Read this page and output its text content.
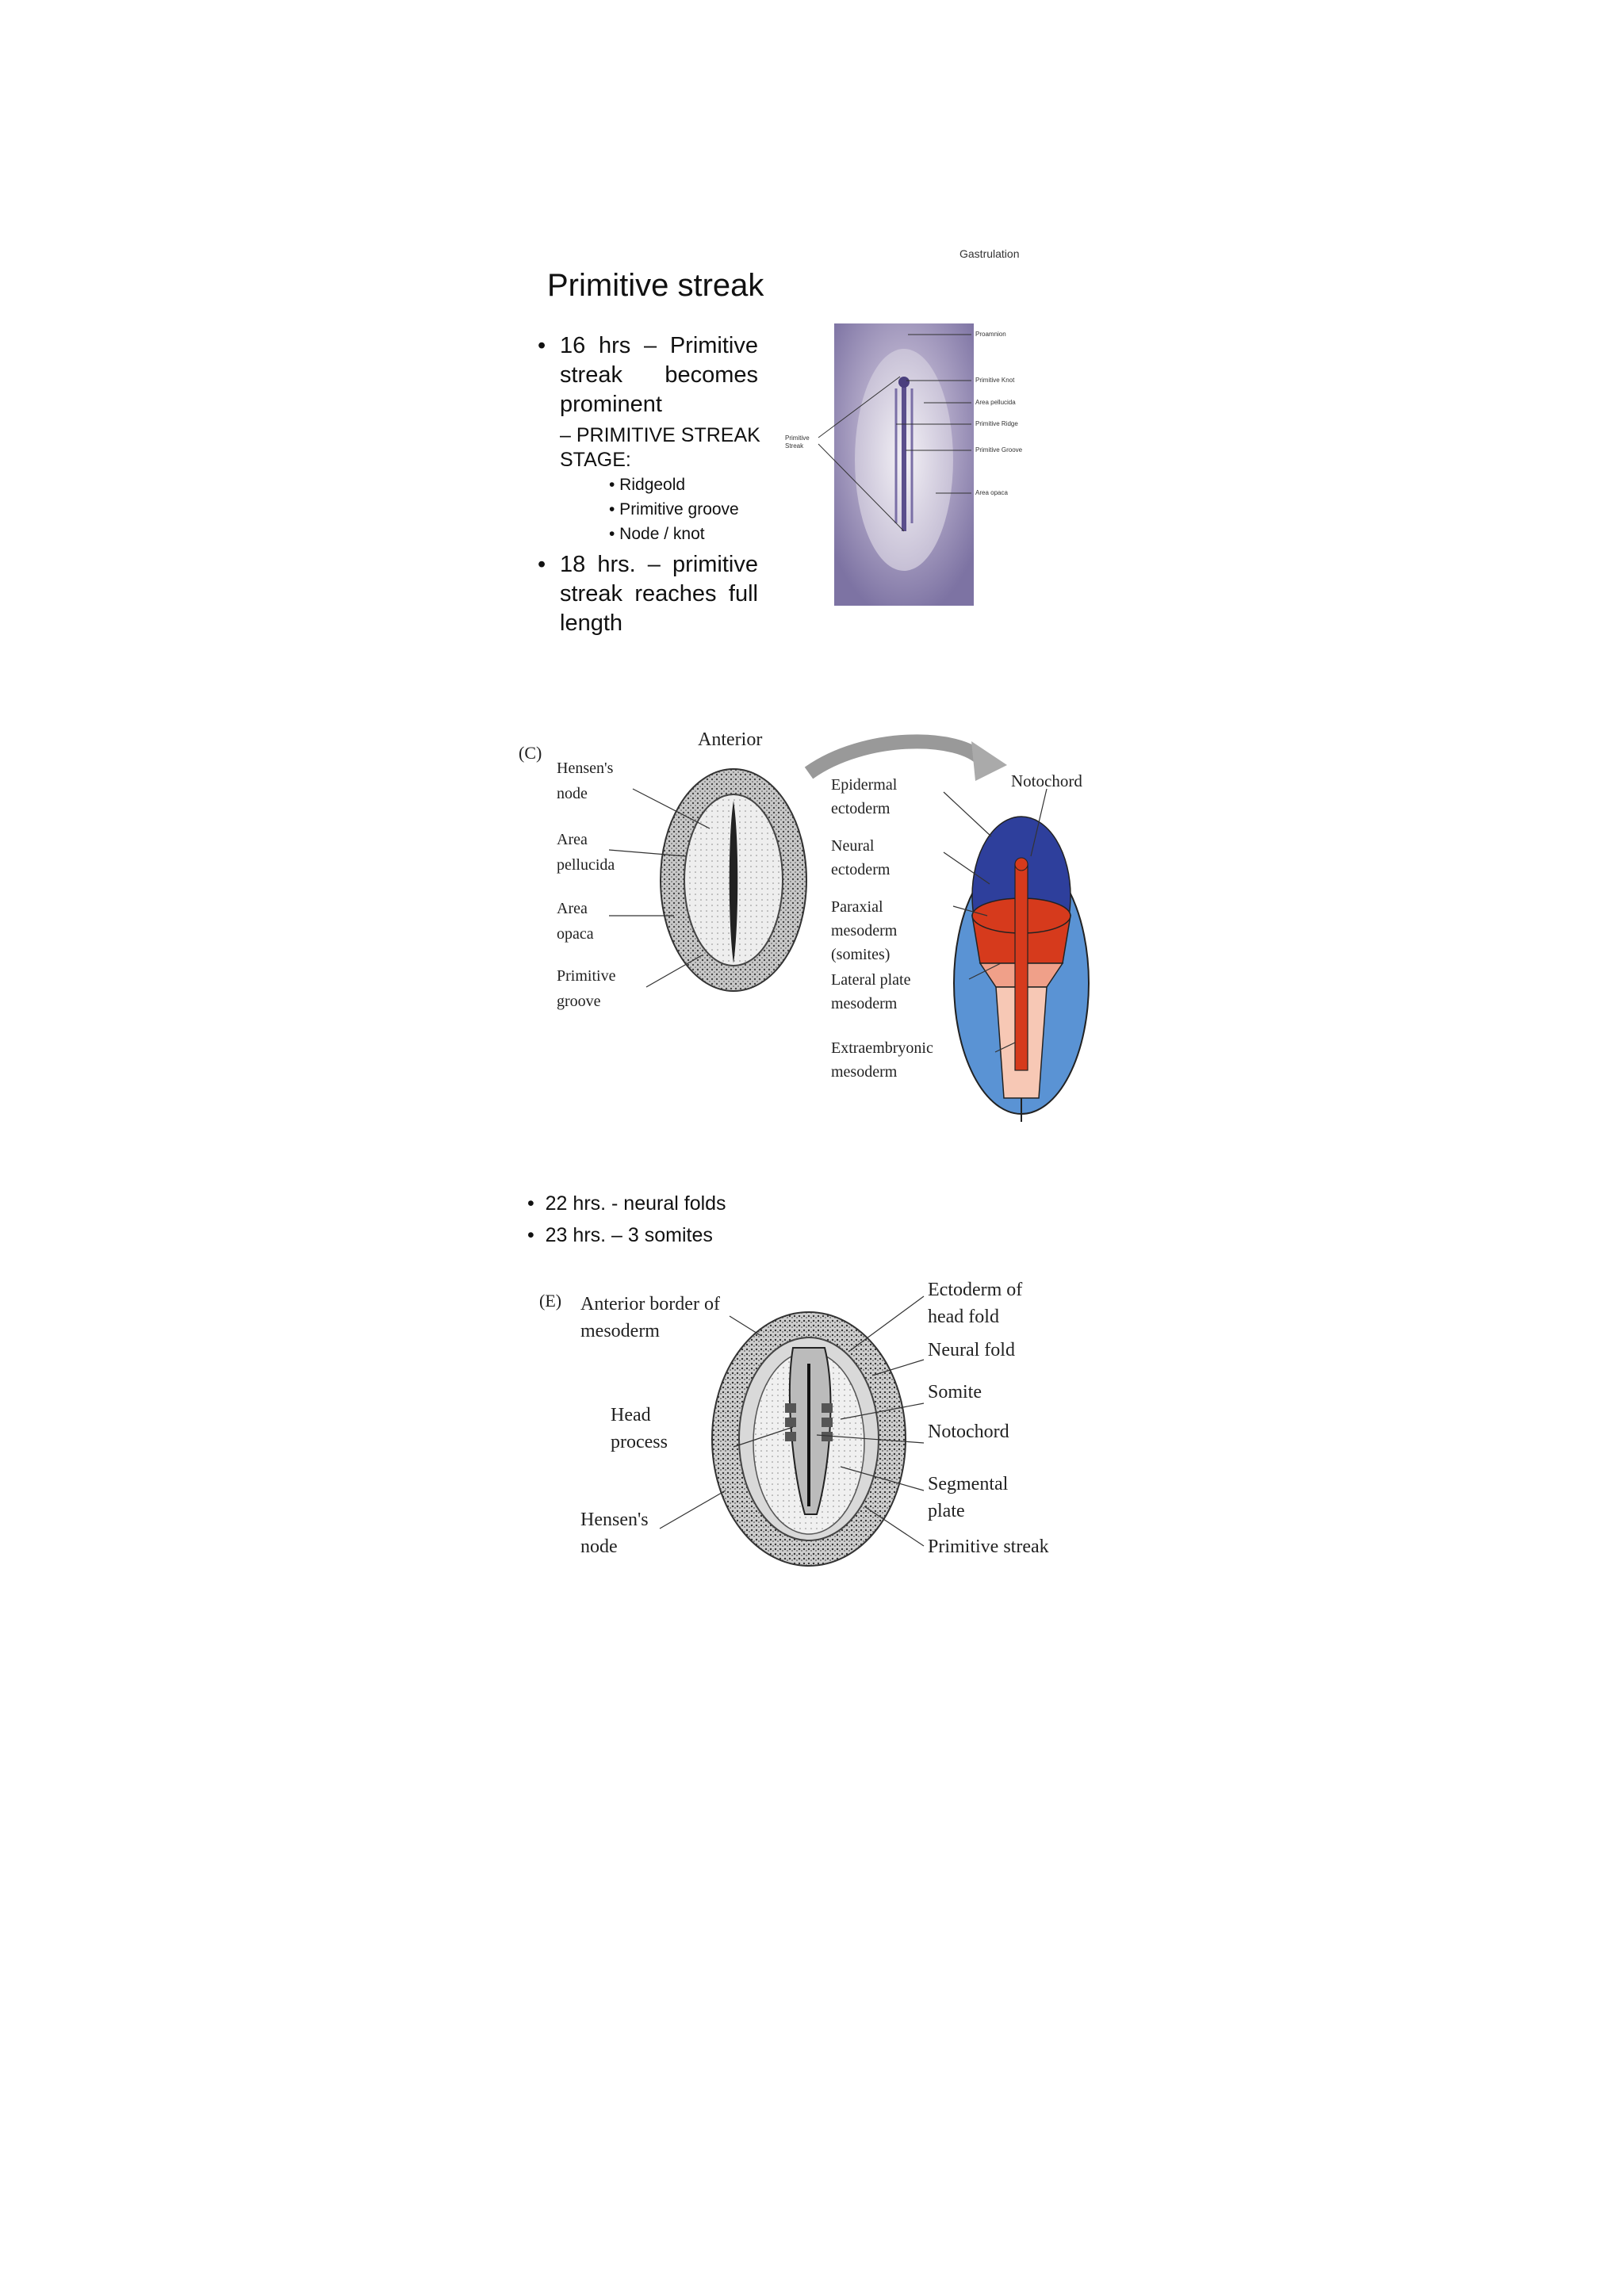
Gastrulation
Primitive streak
• 16 hrs – Primitive streak becomes prominent
– PRIMITIVE STREAK STAGE:
• Ridgeold
• Primitive groove
• Node / knot
• 18 hrs. – primitive streak reaches full length
Primitive Streak
Proamnion
Primitive Knot
Area pellucida
Primitive Ridge
Primitive Groove
Area opaca
(C)
Anterior
Hensen's node
Area pellucida
Area opaca
Primitive groove
Epidermal ectoderm
Neural ectoderm
Paraxial mesoderm (somites)
Lateral plate mesoderm
Extraembryonic mesoderm
Notochord
•  22 hrs. - neural folds
•  23 hrs. – 3 somites
(E) Anterior border of mesoderm
Head process
Hensen's node
Ectoderm of head fold
Neural fold
Somite
Notochord
Segmental plate
Primitive streak
